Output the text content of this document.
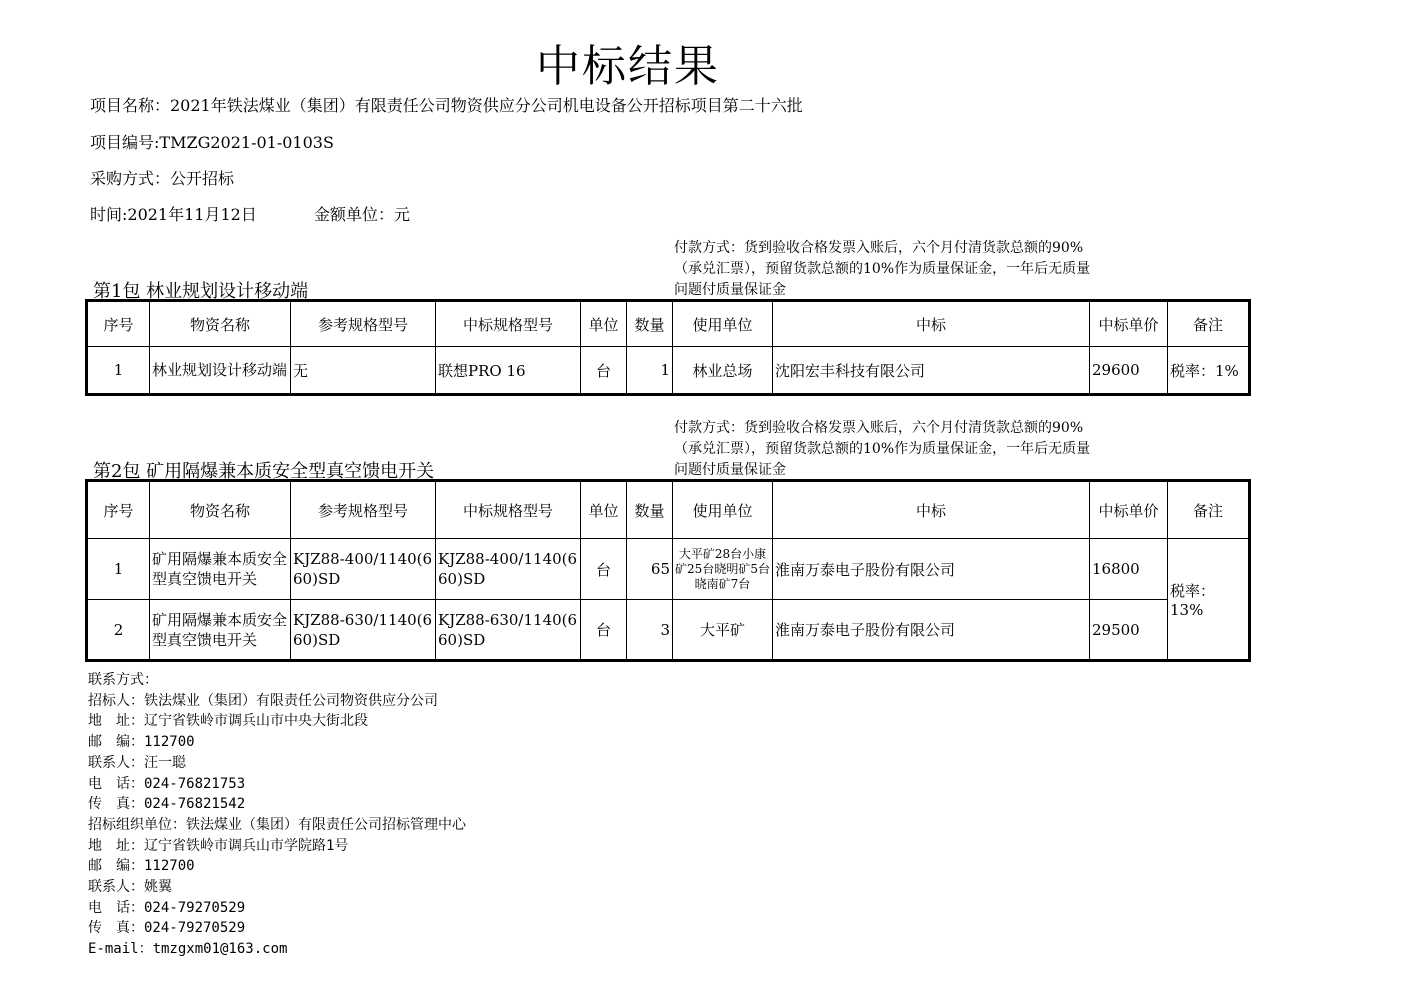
中标结果
项目名称：2021年铁法煤业（集团）有限责任公司物资供应分公司机电设备公开招标项目第二十六批
项目编号:TMZG2021-01-0103S
采购方式：公开招标
时间:2021年11月12日	金额单位：元
付款方式：货到验收合格发票入账后，六个月付清货款总额的90%
（承兑汇票），预留货款总额的10%作为质量保证金，一年后无质量
问题付质量保证金
第1包 林业规划设计移动端
序号	物资名称	参考规格型号	中标规格型号	单位	数量	使用单位	中标	中标单价	备注
1	林业规划设计移动端	无	联想PRO 16	台	1	林业总场	沈阳宏丰科技有限公司	29600	税率：1%
付款方式：货到验收合格发票入账后，六个月付清货款总额的90%
（承兑汇票），预留货款总额的10%作为质量保证金，一年后无质量
问题付质量保证金
第2包 矿用隔爆兼本质安全型真空馈电开关
序号	物资名称	参考规格型号	中标规格型号	单位	数量	使用单位	中标	中标单价	备注
1	矿用隔爆兼本质安全型真空馈电开关	KJZ88-400/1140(660)SD	KJZ88-400/1140(660)SD	台	65	大平矿28台小康矿25台晓明矿5台晓南矿7台	淮南万泰电子股份有限公司	16800	税率：13%
2	矿用隔爆兼本质安全型真空馈电开关	KJZ88-630/1140(660)SD	KJZ88-630/1140(660)SD	台	3	大平矿	淮南万泰电子股份有限公司	29500	
联系方式：
招标人：铁法煤业（集团）有限责任公司物资供应分公司
地　址：辽宁省铁岭市调兵山市中央大街北段
邮　编：112700
联系人：汪一聪
电　话：024-76821753
传　真：024-76821542
招标组织单位：铁法煤业（集团）有限责任公司招标管理中心
地　址：辽宁省铁岭市调兵山市学院路1号
邮　编：112700
联系人：姚翼
电　话：024-79270529
传　真：024-79270529
E-mail：tmzgxm01@163.com
